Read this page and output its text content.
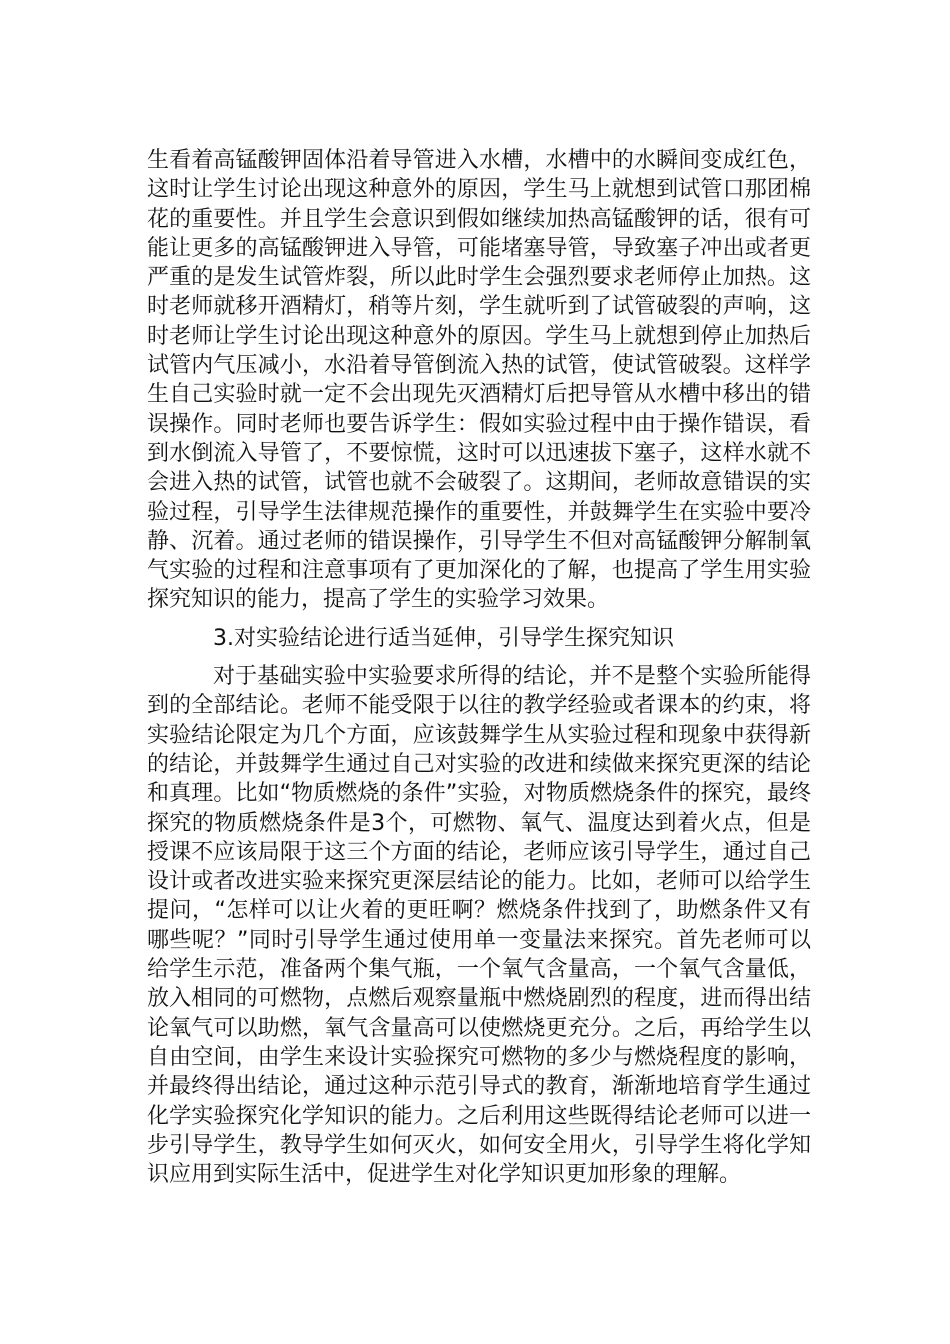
生看着高锰酸钾固体沿着导管进入水槽，水槽中的水瞬间变成红色，这时让学生讨论出现这种意外的原因，学生马上就想到试管口那团棉花的重要性。并且学生会意识到假如继续加热高锰酸钾的话，很有可能让更多的高锰酸钾进入导管，可能堵塞导管，导致塞子冲出或者更严重的是发生试管炸裂，所以此时学生会强烈要求老师停止加热。这时老师就移开酒精灯，稍等片刻，学生就听到了试管破裂的声响，这时老师让学生讨论出现这种意外的原因。学生马上就想到停止加热后试管内气压减小，水沿着导管倒流入热的试管，使试管破裂。这样学生自己实验时就一定不会出现先灭酒精灯后把导管从水槽中移出的错误操作。同时老师也要告诉学生：假如实验过程中由于操作错误，看到水倒流入导管了，不要惊慌，这时可以迅速拔下塞子，这样水就不会进入热的试管，试管也就不会破裂了。这期间，老师故意错误的实验过程，引导学生法律规范操作的重要性，并鼓舞学生在实验中要冷静、沉着。通过老师的错误操作，引导学生不但对高锰酸钾分解制氧气实验的过程和注意事项有了更加深化的了解，也提高了学生用实验探究知识的能力，提高了学生的实验学习效果。

3.对实验结论进行适当延伸，引导学生探究知识

对于基础实验中实验要求所得的结论，并不是整个实验所能得到的全部结论。老师不能受限于以往的教学经验或者课本的约束，将实验结论限定为几个方面，应该鼓舞学生从实验过程和现象中获得新的结论，并鼓舞学生通过自己对实验的改进和续做来探究更深的结论和真理。比如“物质燃烧的条件”实验，对物质燃烧条件的探究，最终探究的物质燃烧条件是3个，可燃物、氧气、温度达到着火点，但是授课不应该局限于这三个方面的结论，老师应该引导学生，通过自己设计或者改进实验来探究更深层结论的能力。比如，老师可以给学生提问，“怎样可以让火着的更旺啊？燃烧条件找到了，助燃条件又有哪些呢？”同时引导学生通过使用单一变量法来探究。首先老师可以给学生示范，准备两个集气瓶，一个氧气含量高，一个氧气含量低，放入相同的可燃物，点燃后观察量瓶中燃烧剧烈的程度，进而得出结论氧气可以助燃，氧气含量高可以使燃烧更充分。之后，再给学生以自由空间，由学生来设计实验探究可燃物的多少与燃烧程度的影响，并最终得出结论，通过这种示范引导式的教育，渐渐地培育学生通过化学实验探究化学知识的能力。之后利用这些既得结论老师可以进一步引导学生，教导学生如何灭火，如何安全用火，引导学生将化学知识应用到实际生活中，促进学生对化学知识更加形象的理解。
